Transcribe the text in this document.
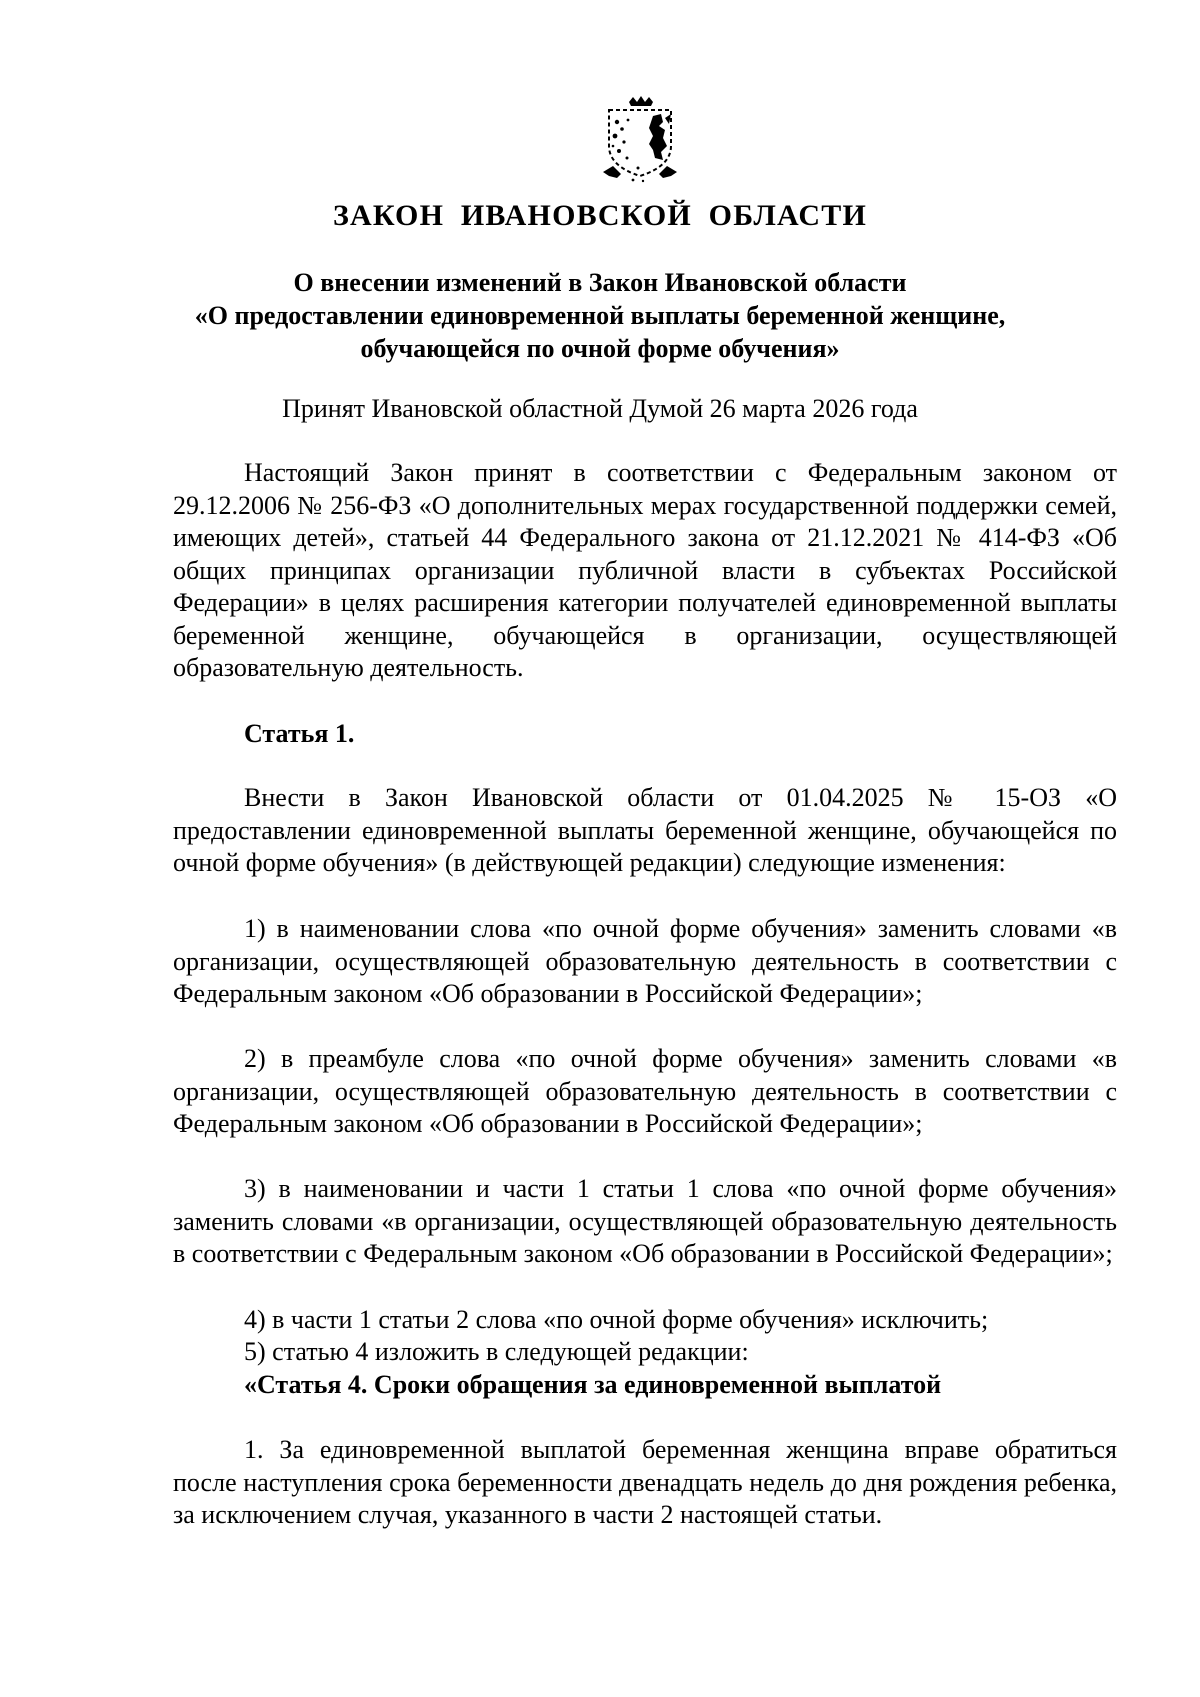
ЗАКОН ИВАНОВСКОЙ ОБЛАСТИ
О внесении изменений в Закон Ивановской области
«О предоставлении единовременной выплаты беременной женщине,
обучающейся по очной форме обучения»

Принят Ивановской областной Думой 26 марта 2026 года

Настоящий Закон принят в соответствии с Федеральным законом от 29.12.2006 № 256-ФЗ «О дополнительных мерах государственной поддержки семей, имеющих детей», статьей 44 Федерального закона от 21.12.2021 № 414-ФЗ «Об общих принципах организации публичной власти в субъектах Российской Федерации» в целях расширения категории получателей единовременной выплаты беременной женщине, обучающейся в организации, осуществляющей образовательную деятельность.

Статья 1.

Внести в Закон Ивановской области от 01.04.2025 № 15-ОЗ «О предоставлении единовременной выплаты беременной женщине, обучающейся по очной форме обучения» (в действующей редакции) следующие изменения:

1) в наименовании слова «по очной форме обучения» заменить словами «в организации, осуществляющей образовательную деятельность в соответствии с Федеральным законом «Об образовании в Российской Федерации»;

2) в преамбуле слова «по очной форме обучения» заменить словами «в организации, осуществляющей образовательную деятельность в соответствии с Федеральным законом «Об образовании в Российской Федерации»;

3) в наименовании и части 1 статьи 1 слова «по очной форме обучения» заменить словами «в организации, осуществляющей образовательную деятельность в соответствии с Федеральным законом «Об образовании в Российской Федерации»;

4) в части 1 статьи 2 слова «по очной форме обучения» исключить;

5) статью 4 изложить в следующей редакции:

«Статья 4. Сроки обращения за единовременной выплатой

1. За единовременной выплатой беременная женщина вправе обратиться после наступления срока беременности двенадцать недель до дня рождения ребенка, за исключением случая, указанного в части 2 настоящей статьи.
